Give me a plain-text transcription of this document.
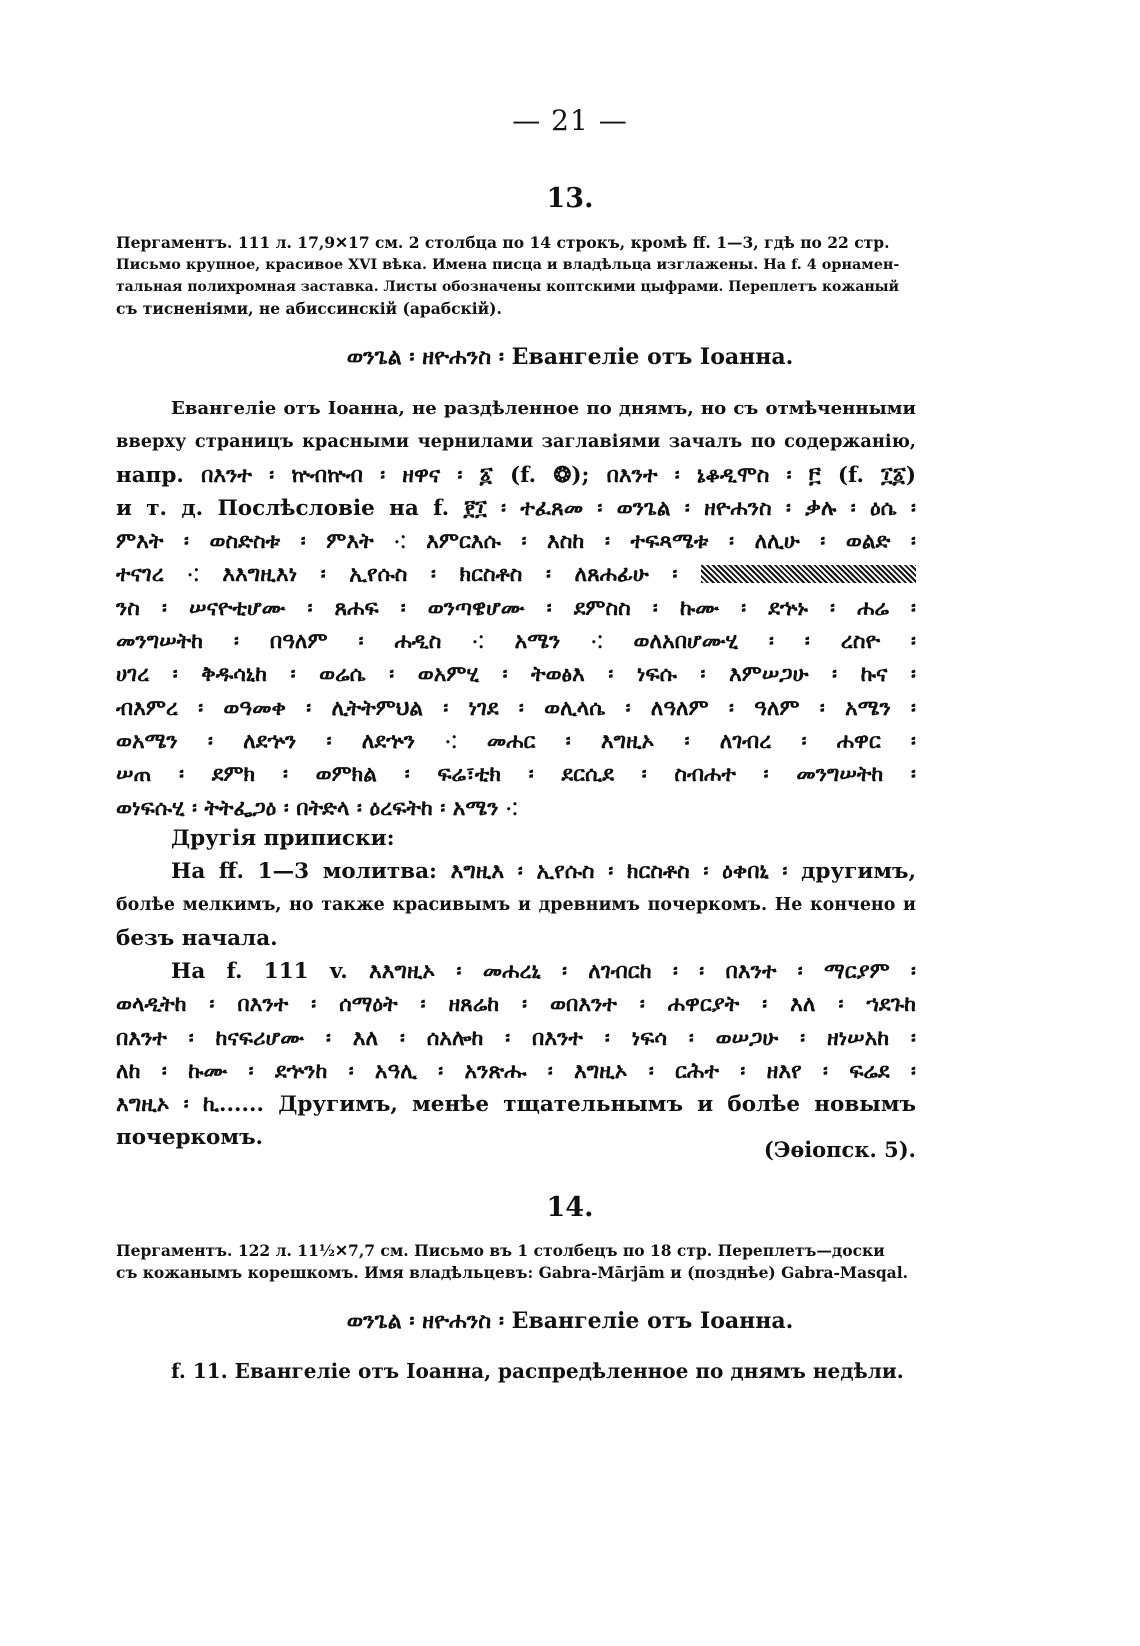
— 21 —
13.
Пергаментъ. 111 л. 17,9✕17 см. 2 столбца по 14 строкъ, кромѣ ff. 1—3, гдѣ по 22 стр.
Письмо крупное, красивое XVI вѣка. Имена писца и владѣльца изглажены. На f. 4 орнамен-
тальная полихромная заставка. Листы обозначены коптскими цыфрами. Переплетъ кожаный
съ тисненiями, не абиссинскiй (арабскiй).
ወንጌል ፡ ዘዮሐንስ ፡ Евангелiе отъ Iоанна.
Евангелiе отъ Iоанна, не раздѣленное по днямъ, но съ отмѣченными
вверху страницъ красными чернилами заглавiями зачалъ по содержанiю,
напр. በእንተ ፡ ኵብኵብ ፡ ዘዋና ፡ ፩ (f. ❂); በእንተ ፡ ኔቆዲሞስ ፡ ፫ (f. ፲፩)
и т. д. Послѣсловiе на f. ፻፲ ፡ ተፈጸመ ፡ ወንጌል ፡ ዘዮሐንስ ፡ ቃሉ ፡ ዕሴ ፡
ምእት ፡ ወስድስቱ ፡ ምእት ⁖ እምርእሱ ፡ እስከ ፡ ተፍጻሜቱ ፡ ለሊሁ ፡ ወልድ ፡
ተናገረ ⁖ እእግዚእነ ፡ ኢየሱስ ፡ ክርስቶስ ፡ ለጸሐፊሁ ፡
ንስ ፡ ሠናዮቲሆሙ ፡ ጸሐፍ ፡ ወንጣዌሆሙ ፡ ደምስስ ፡ ኩሙ ፡ ደኍኑ ፡ ሐሬ ፡
መንግሠትከ ፡ በዓለም ፡ ሐዲስ ⁖ አሜን ⁖ ወለአበሆሙሂ ፡ ፡ ረስዮ ፡
ሀገረ ፡ ቅዱሳኒከ ፡ ወሬሴ ፡ ወአምሂ ፡ ትወፅእ ፡ ነፍሱ ፡ እምሠጋሁ ፡ ኩና ፡
ብእምረ ፡ ወዓመቀ ፡ ሊትትምህል ፡ ነገደ ፡ ወሊላሴ ፡ ለዓለም ፡ ዓለም ፡ አሜን ፡
ወአሜን ፡ ለደኍን ፡ ለደኍን ⁖ መሐር ፡ እግዚኦ ፡ ለገብረ ፡ ሐዋር ፡
ሠጠ ፡ ደምክ ፡ ወምክል ፡ ፍሬ፣ቲክ ፡ ደርሲደ ፡ ስብሐተ ፡ መንግሠትከ ፡
ወነፍሱሂ ፡ ትትፌጋዕ ፡ በትድላ ፡ ዕረፍትከ ፡ አሜን ⁖
Другiя приписки:
На ff. 1—3 молитва: እግዚእ ፡ ኢየሱስ ፡ ክርስቶስ ፡ ዕቀበኒ ፡ другимъ,
болѣе мелкимъ, но также красивымъ и древнимъ почеркомъ. Не кончено и
безъ начала.
На f. 111 v. እእግዚኦ ፡ መሐረኒ ፡ ለገብርከ ፡ ፡ በእንተ ፡ ማርያም ፡
ወላዲትከ ፡ በእንተ ፡ ሰማዕት ፡ ዘጸሬከ ፡ ወበእንተ ፡ ሐዋርያት ፡ እለ ፡ ኀደጉከ
በእንተ ፡ ከናፍሪሆሙ ፡ እለ ፡ ሰአሎከ ፡ በእንተ ፡ ነፍሳ ፡ ወሠጋሁ ፡ ዘነሠአከ ፡
ለከ ፡ ኩሙ ፡ ደኍንከ ፡ አዓሊ ፡ አንጽሑ ፡ እግዚኦ ፡ ርሕተ ፡ ዘእየ ፡ ፍሬደ ፡
እግዚኦ ፡ ኪ...... Другимъ, менѣе тщательнымъ и болѣе новымъ
почеркомъ.	(Эѳiопск. 5).
14.
Пергаментъ. 122 л. 11½✕7,7 см. Письмо въ 1 столбецъ по 18 стр. Переплетъ—доски
съ кожанымъ корешкомъ. Имя владѣльцевъ: Gabra-Mārjām и (позднѣе) Gabra-Masqal.
ወንጌል ፡ ዘዮሐንስ ፡ Евангелiе отъ Iоанна.
f. 11. Евангелiе отъ Iоанна, распредѣленное по днямъ недѣли.
